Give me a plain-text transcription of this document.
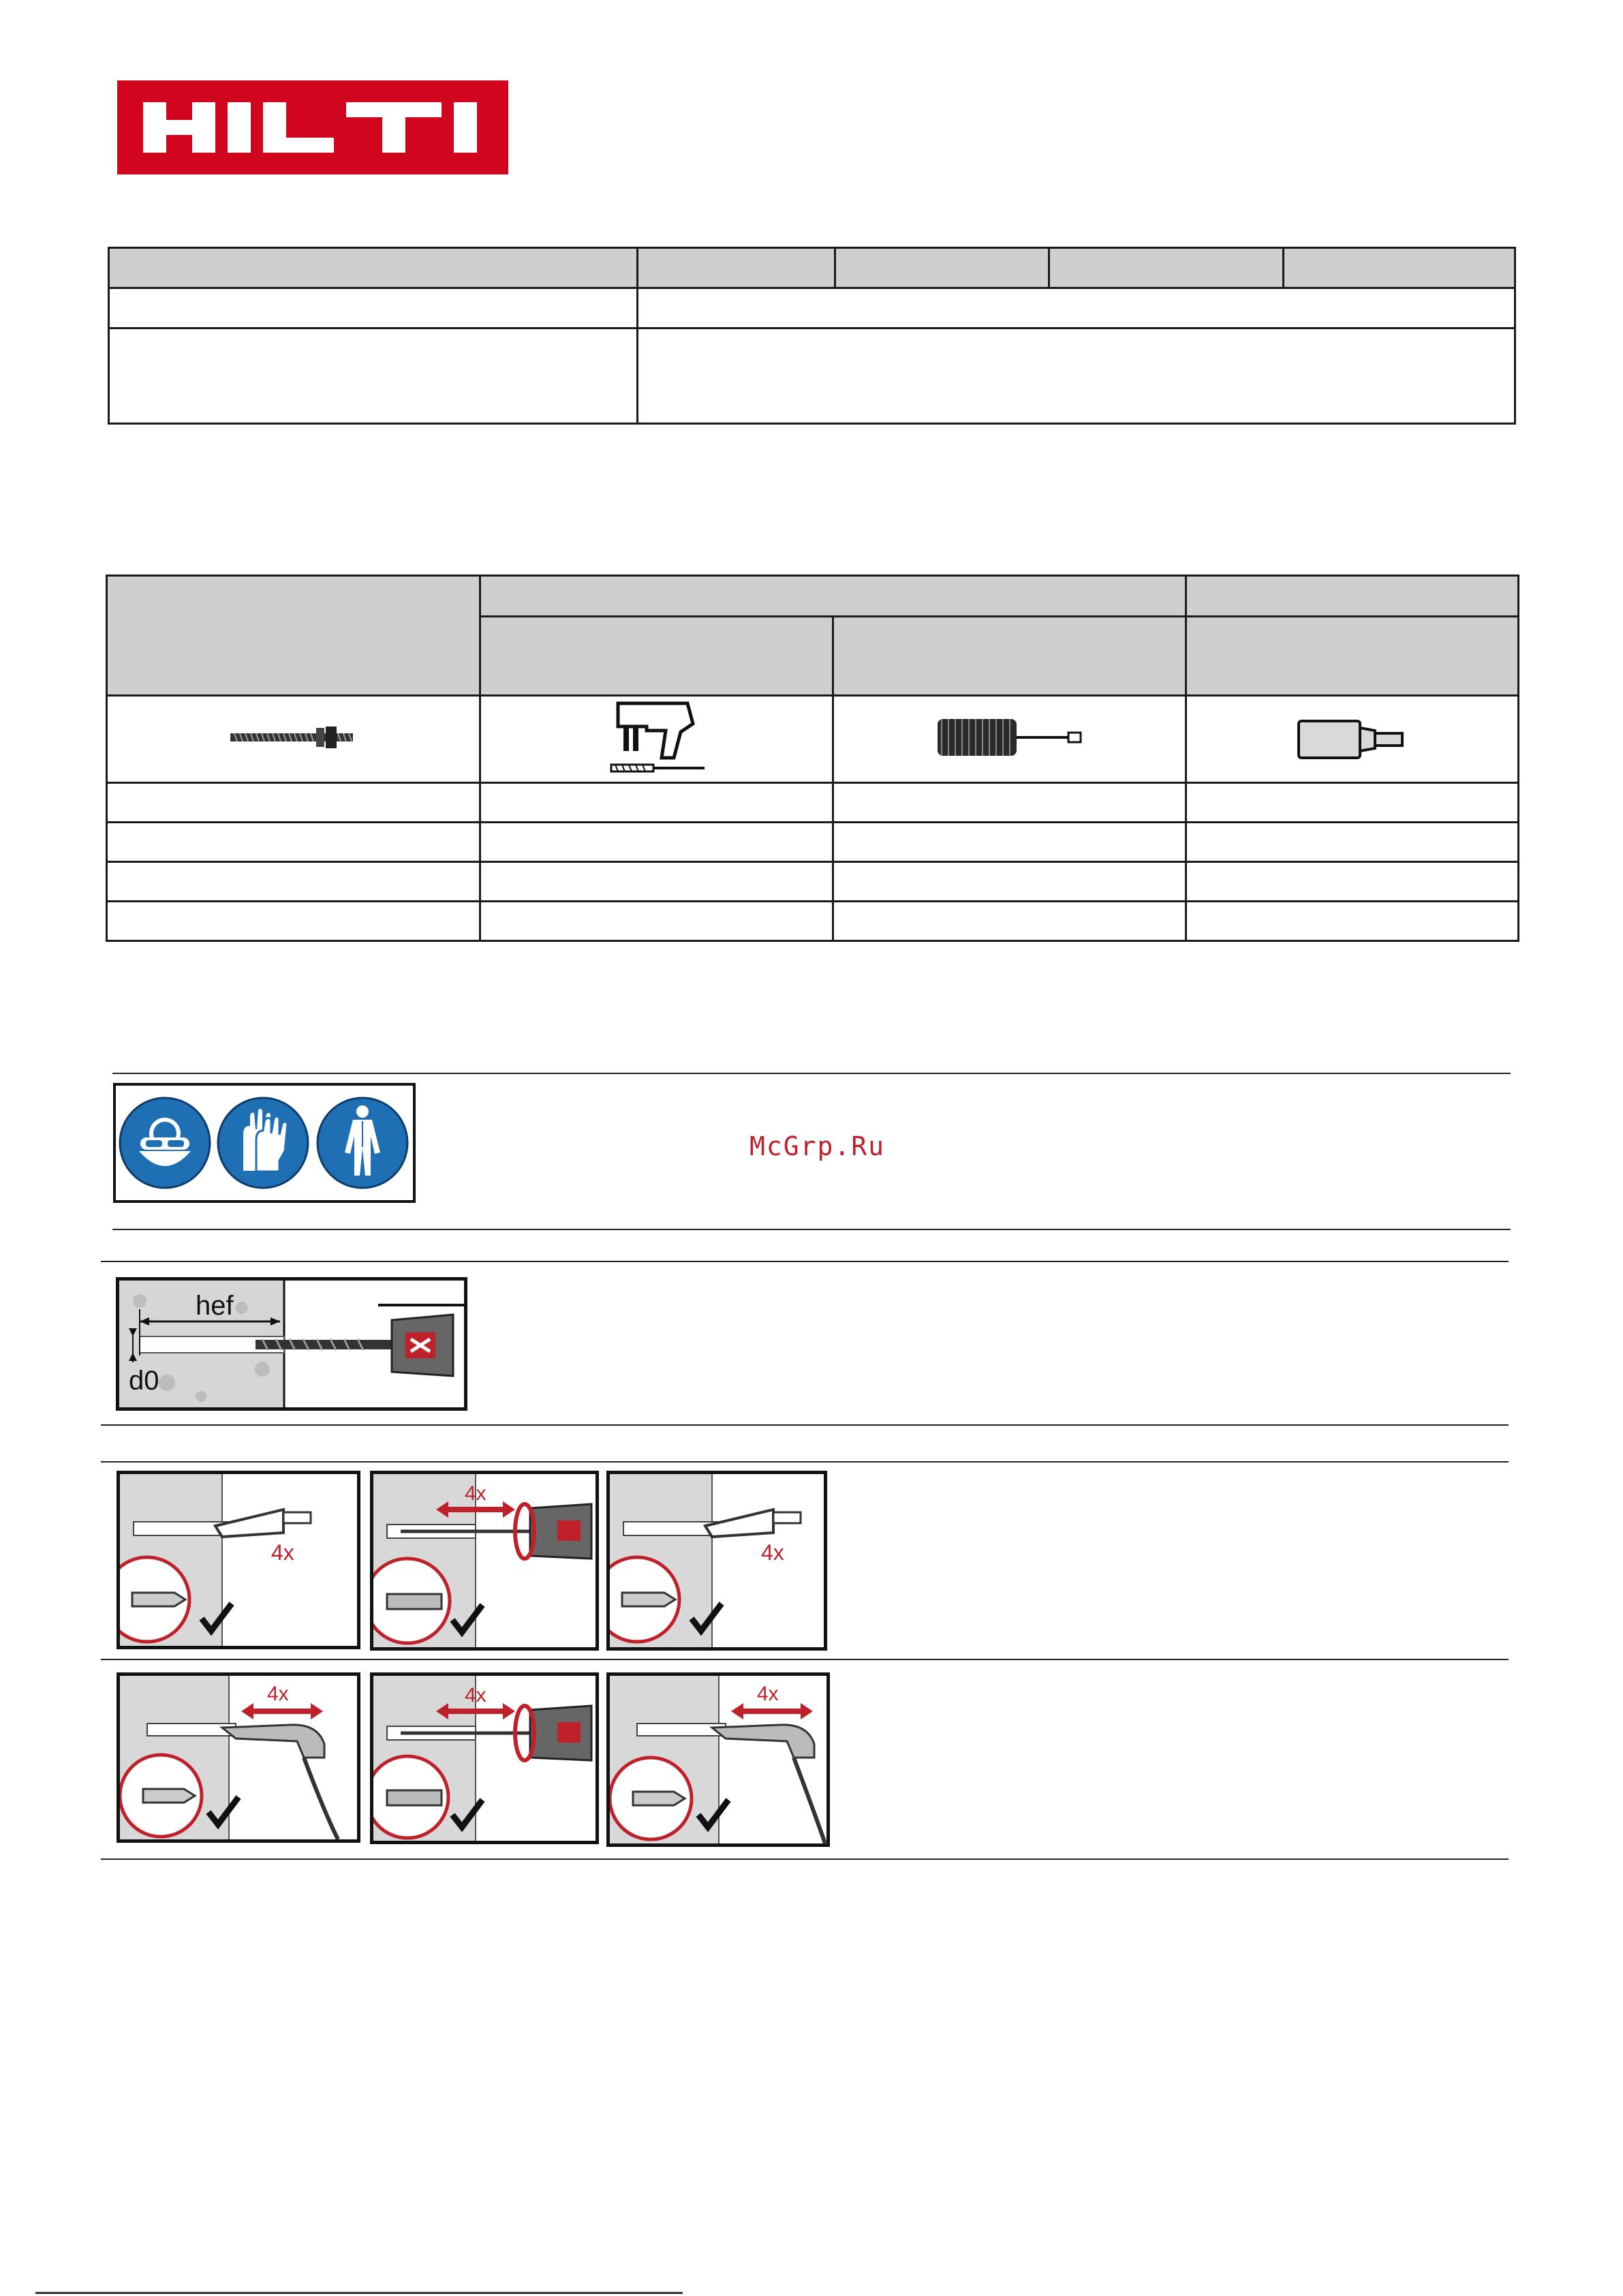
McGrp.Ru
hef
d0
4x
4x
4x
4x	4x	4x
